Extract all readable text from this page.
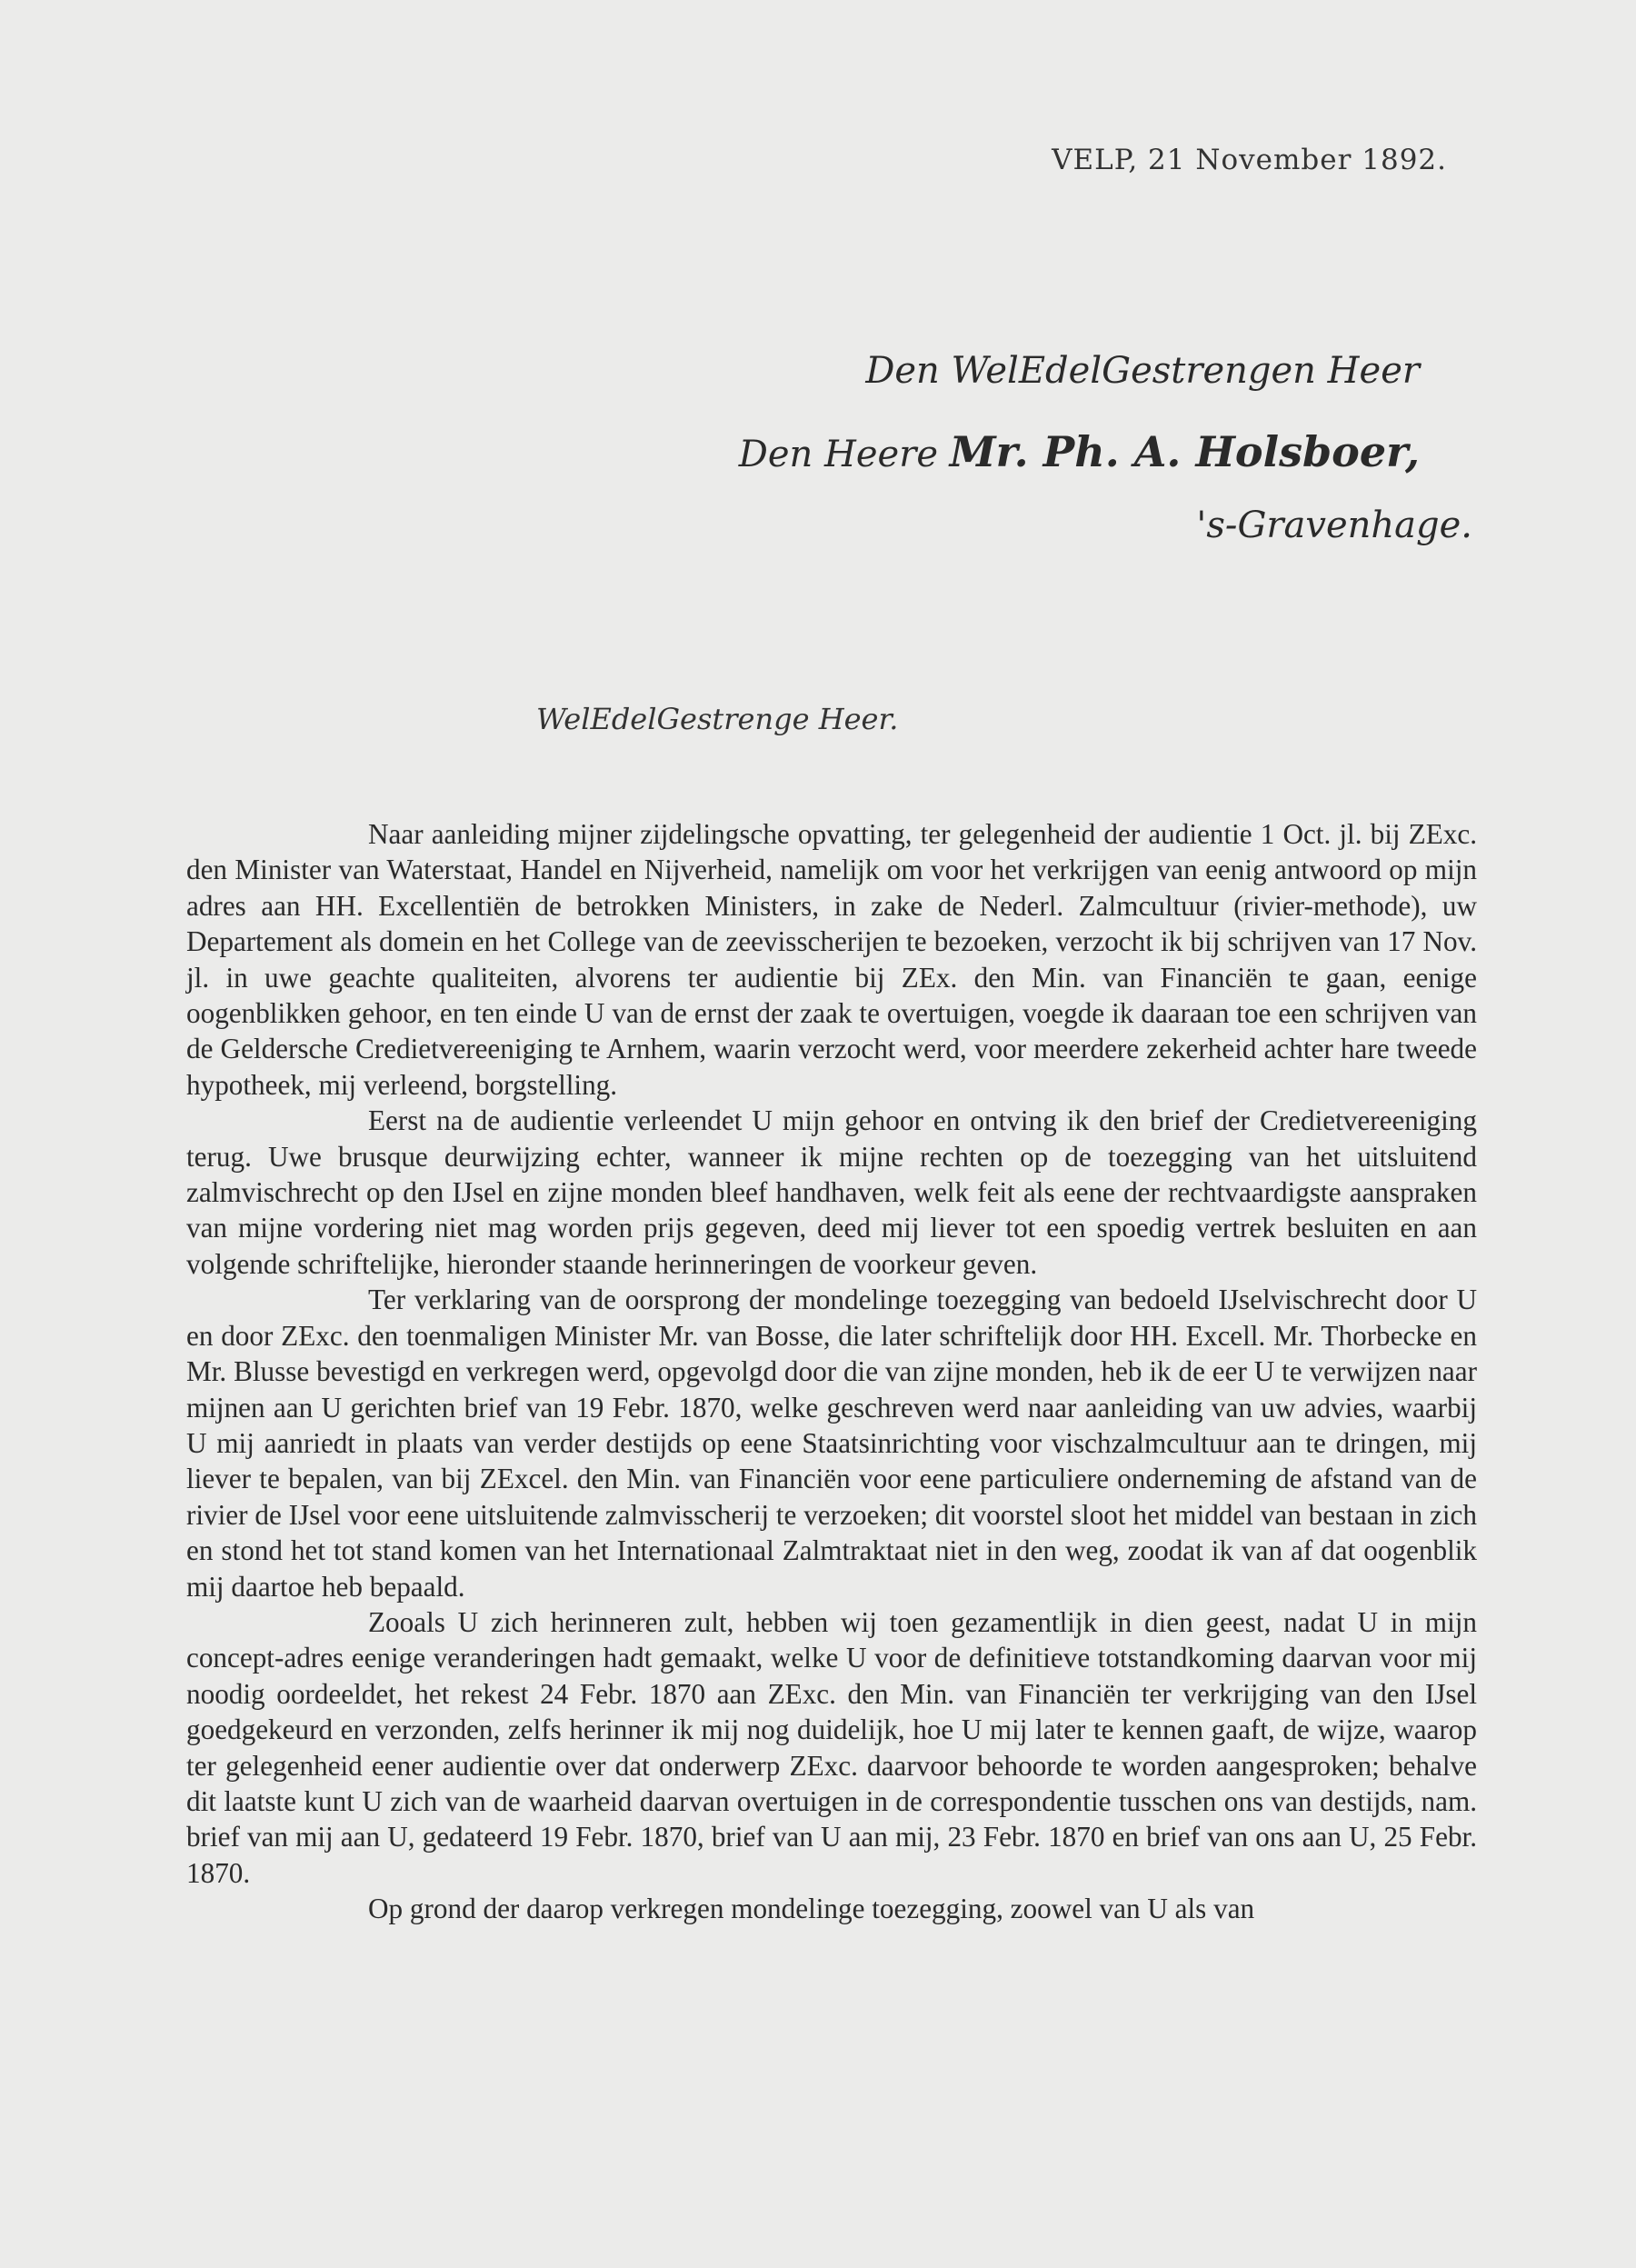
VELP, 21 November 1892.
Den WelEdelGestrengen Heer
Den Heere Mr. Ph. A. Holsboer,
's-Gravenhage.
WelEdelGestrenge Heer.

Naar aanleiding mijner zijdelingsche opvatting, ter gelegenheid der audientie 1 Oct. jl. bij ZExc. den Minister van Waterstaat, Handel en Nijverheid, namelijk om voor het verkrijgen van eenig antwoord op mijn adres aan HH. Excellentiën de betrokken Ministers, in zake de Nederl. Zalmcultuur (rivier-methode), uw Departement als domein en het College van de zeevisscherijen te bezoeken, verzocht ik bij schrijven van 17 Nov. jl. in uwe geachte qualiteiten, alvorens ter audientie bij ZEx. den Min. van Financiën te gaan, eenige oogenblikken gehoor, en ten einde U van de ernst der zaak te overtuigen, voegde ik daaraan toe een schrijven van de Geldersche Credietvereeniging te Arnhem, waarin verzocht werd, voor meerdere zekerheid achter hare tweede hypotheek, mij verleend, borgstelling.

Eerst na de audientie verleendet U mijn gehoor en ontving ik den brief der Credietvereeniging terug. Uwe brusque deurwijzing echter, wanneer ik mijne rechten op de toezegging van het uitsluitend zalmvischrecht op den IJsel en zijne monden bleef handhaven, welk feit als eene der rechtvaardigste aanspraken van mijne vordering niet mag worden prijs gegeven, deed mij liever tot een spoedig vertrek besluiten en aan volgende schriftelijke, hieronder staande herinneringen de voorkeur geven.

Ter verklaring van de oorsprong der mondelinge toezegging van bedoeld IJselvischrecht door U en door ZExc. den toenmaligen Minister Mr. van Bosse, die later schriftelijk door HH. Excell. Mr. Thorbecke en Mr. Blusse bevestigd en verkregen werd, opgevolgd door die van zijne monden, heb ik de eer U te verwijzen naar mijnen aan U gerichten brief van 19 Febr. 1870, welke geschreven werd naar aanleiding van uw advies, waarbij U mij aanriedt in plaats van verder destijds op eene Staatsinrichting voor vischzalmcultuur aan te dringen, mij liever te bepalen, van bij ZExcel. den Min. van Financiën voor eene particuliere onderneming de afstand van de rivier de IJsel voor eene uitsluitende zalmvisscherij te verzoeken; dit voorstel sloot het middel van bestaan in zich en stond het tot stand komen van het Internationaal Zalmtraktaat niet in den weg, zoodat ik van af dat oogenblik mij daartoe heb bepaald.

Zooals U zich herinneren zult, hebben wij toen gezamentlijk in dien geest, nadat U in mijn concept-adres eenige veranderingen hadt gemaakt, welke U voor de definitieve totstandkoming daarvan voor mij noodig oordeeldet, het rekest 24 Febr. 1870 aan ZExc. den Min. van Financiën ter verkrijging van den IJsel goedgekeurd en verzonden, zelfs herinner ik mij nog duidelijk, hoe U mij later te kennen gaaft, de wijze, waarop ter gelegenheid eener audientie over dat onderwerp ZExc. daarvoor behoorde te worden aangesproken; behalve dit laatste kunt U zich van de waarheid daarvan overtuigen in de correspondentie tusschen ons van destijds, nam. brief van mij aan U, gedateerd 19 Febr. 1870, brief van U aan mij, 23 Febr. 1870 en brief van ons aan U, 25 Febr. 1870.

Op grond der daarop verkregen mondelinge toezegging, zoowel van U als van
